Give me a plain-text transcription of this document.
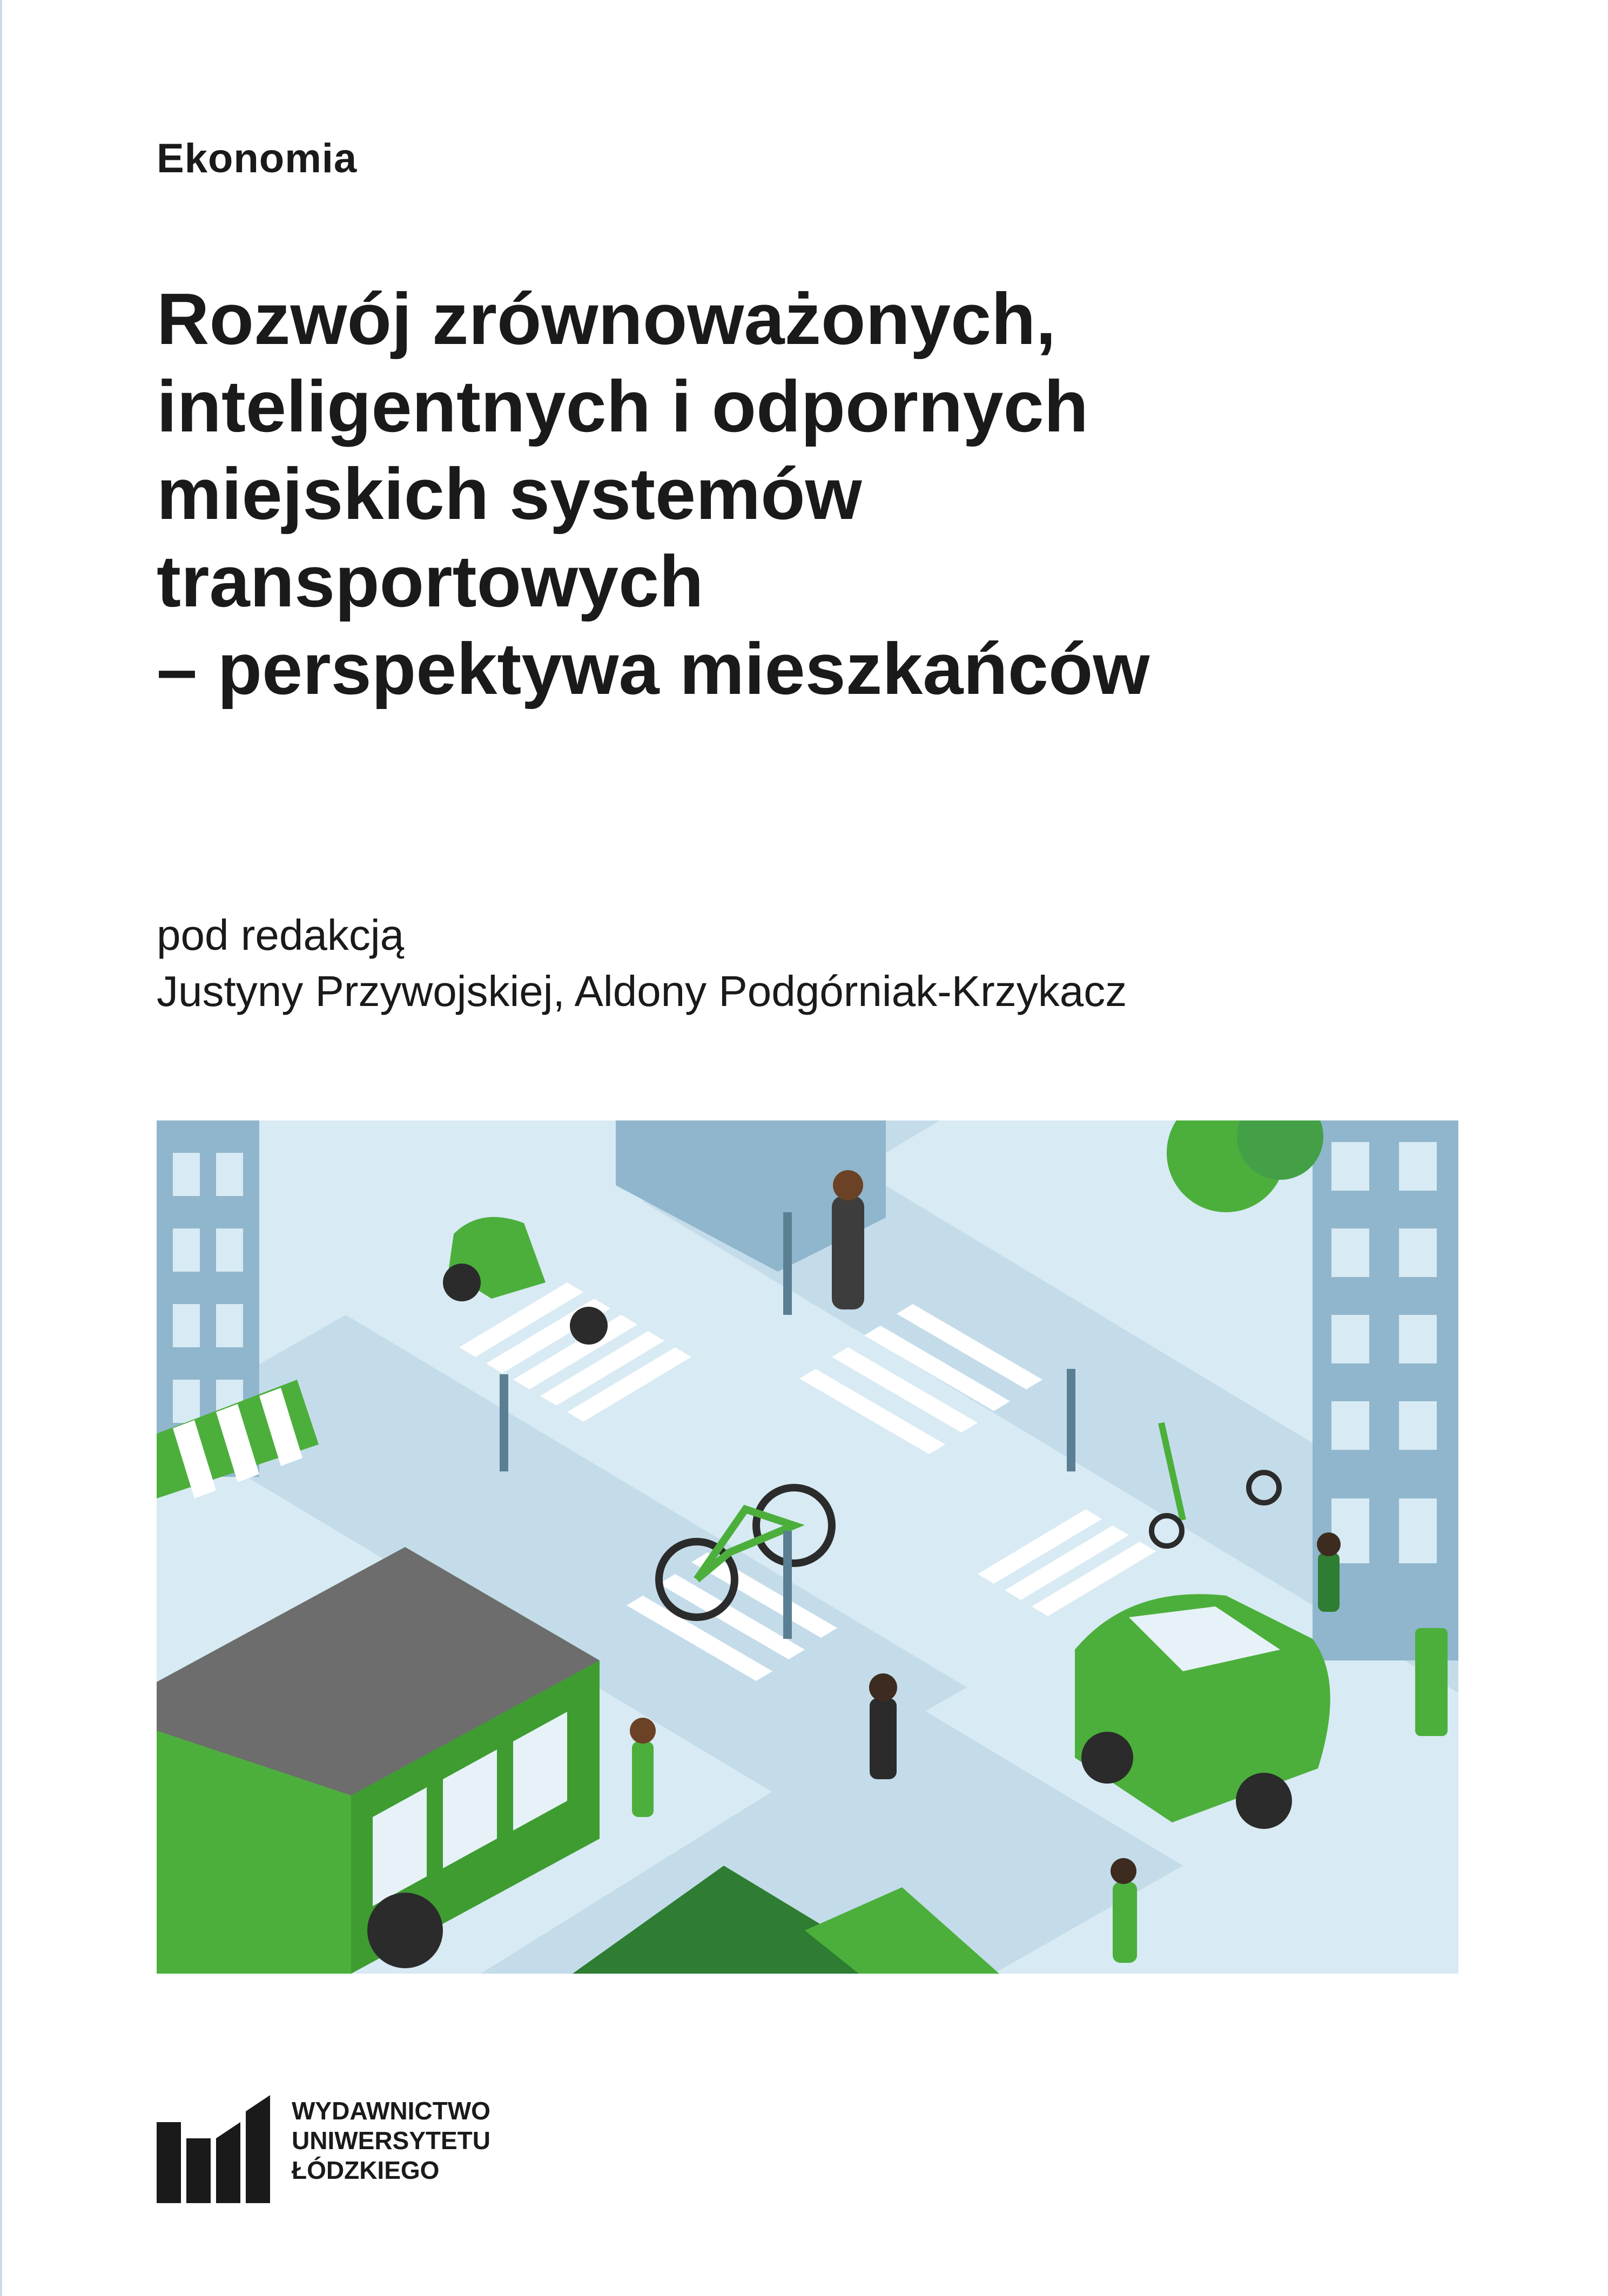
Ekonomia
Rozwój zrównoważonych,
inteligentnych i odpornych
miejskich systemów
transportowych
– perspektywa mieszkańców
pod redakcją
Justyny Przywojskiej, Aldony Podgórniak-Krzykacz
WYDAWNICTWO
UNIWERSYTETU
ŁÓDZKIEGO
